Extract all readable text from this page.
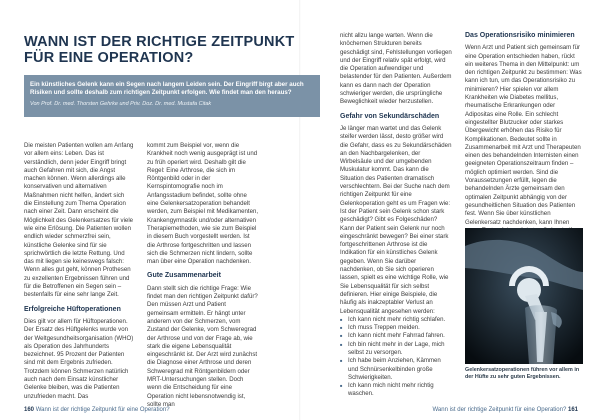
WANN IST DER RICHTIGE ZEITPUNKT
FÜR EINE OPERATION?

Ein künstliches Gelenk kann ein Segen nach langem Leiden sein. Der Eingriff birgt aber auch Risiken und sollte deshalb zum richtigen Zeitpunkt erfolgen. Wie findet man den heraus?

Von Prof. Dr. med. Thorsten Gehrke und Priv. Doz. Dr. med. Mustafa Citak

Die meisten Patienten wollen am Anfang vor allem eins: Leben. Das ist verständlich, denn jeder Eingriff bringt auch Gefahren mit sich, die Angst machen können. Wenn allerdings alle konservativen und alternativen Maßnahmen nicht helfen, ändert sich die Einstellung zum Thema Operation nach einer Zeit. Dann erscheint die Möglichkeit des Gelenkersatzes für viele wie eine Erlösung. Die Patienten wollen endlich wieder schmerzfrei sein, künstliche Gelenke sind für sie sprichwörtlich die letzte Rettung. Und das mit liegen sie keineswegs falsch: Wenn alles gut geht, können Prothesen zu exzellenten Ergebnissen führen und für die Betroffenen ein Segen sein – bestenfalls für eine sehr lange Zeit.

Erfolgreiche Hüftoperationen

Dies gilt vor allem für Hüftoperationen. Der Ersatz des Hüftgelenks wurde von der Weltgesundheitsorganisation (WHO) als Operation des Jahrhunderts bezeichnet. 95 Prozent der Patienten sind mit dem Ergebnis zufrieden. Trotzdem können Schmerzen natürlich auch nach dem Einsatz künstlicher Gelenke bleiben, was die Patienten unzufrieden macht. Das

kommt zum Beispiel vor, wenn die Krankheit noch wenig ausgeprägt ist und zu früh operiert wird. Deshalb gilt die Regel: Eine Arthrose, die sich im Röntgenbild oder in der Kernspintomografie noch im Anfangsstadium befindet, sollte ohne eine Gelenkersatzoperation behandelt werden, zum Beispiel mit Medikamenten, Krankengymnastik und/oder alternativen Therapiemethoden, wie sie zum Beispiel in diesem Buch vorgestellt werden. Ist die Arthrose fortgeschritten und lassen sich die Schmerzen nicht lindern, sollte man über eine Operation nachdenken.

Gute Zusammenarbeit

Dann stellt sich die richtige Frage: Wie findet man den richtigen Zeitpunkt dafür? Den müssen Arzt und Patient gemeinsam ermitteln. Er hängt unter anderem von der Schmerzen, vom Zustand der Gelenke, vom Schweregrad der Arthrose und von der Frage ab, wie stark die eigene Lebensqualität eingeschränkt ist. Der Arzt wird zunächst die Diagnose einer Arthrose und deren Schweregrad mit Röntgenbildern oder MRT-Untersuchungen stellen. Doch wenn die Entscheidung für eine Operation nicht lebensnotwendig ist, sollte man

160 Wann ist der richtige Zeitpunkt für eine Operation?

nicht allzu lange warten. Wenn die knöchernen Strukturen bereits geschädigt sind, Fehlstellungen vorliegen und der Eingriff relativ spät erfolgt, wird die Operation aufwendiger und belastender für den Patienten. Außerdem kann es dann nach der Operation schwieriger werden, die ursprüngliche Beweglichkeit wieder herzustellen.

Gefahr von Sekundärschäden

Je länger man wartet und das Gelenk steifer werden lässt, desto größer wird die Gefahr, dass es zu Sekundärschäden an den Nachbargelenken, der Wirbelsäule und der umgebenden Muskulatur kommt. Das kann die Situation des Patienten dramatisch verschlechtern. Bei der Suche nach dem richtigen Zeitpunkt für eine Gelenkoperation geht es um Fragen wie: Ist der Patient sein Gelenk schon stark geschädigt? Gibt es Folgeschäden? Kann der Patient sein Gelenk nur noch eingeschränkt bewegen? Bei einer stark fortgeschrittenen Arthrose ist die Indikation für ein künstliches Gelenk gegeben. Wenn Sie darüber nachdenken, ob Sie sich operieren lassen, spielt es eine wichtige Rolle, wie Sie Lebensqualität für sich selbst definieren. Hier einige Beispiele, die häufig als inakzeptabler Verlust an Lebensqualität angesehen werden:

■ Ich kann nicht mehr richtig schlafen.
■ Ich muss Treppen meiden.
■ Ich kann nicht mehr Fahrrad fahren.
■ Ich bin nicht mehr in der Lage, mich selbst zu versorgen.
■ Ich habe beim Anziehen, Kämmen und Schnürsenkelbinden große Schwierigkeiten.
■ Ich kann mich nicht mehr richtig waschen.

Das Operationsrisiko minimieren

Wenn Arzt und Patient sich gemeinsam für eine Operation entschieden haben, rückt ein weiteres Thema in den Mittelpunkt: um den richtigen Zeitpunkt zu bestimmen: Was kann ich tun, um das Operationsrisiko zu minimieren? Hier spielen vor allem Krankheiten wie Diabetes mellitus, rheumatische Erkrankungen oder Adipositas eine Rolle. Ein schlecht eingestellter Blutzucker oder starkes Übergewicht erhöhen das Risiko für Komplikationen. Bedeutet sollte in Zusammenarbeit mit Arzt und Therapeuten einen des behandelnden Internisten einen geeigneten Operationszeitraum finden – möglich optimiert werden. Sind die Voraussetzungen erfüllt, legen die behandelnden Ärzte gemeinsam den optimalen Zeitpunkt abhängig von der gesundheitlichen Situation des Patienten fest. Wenn Sie über künstlichen Gelenkersatz nachdenken, kann Ihnen

Gelenkersatzoperationen führen vor allem in der Hüfte zu sehr guten Ergebnissen.
Wann ist der richtige Zeitpunkt für eine Operation? 161
